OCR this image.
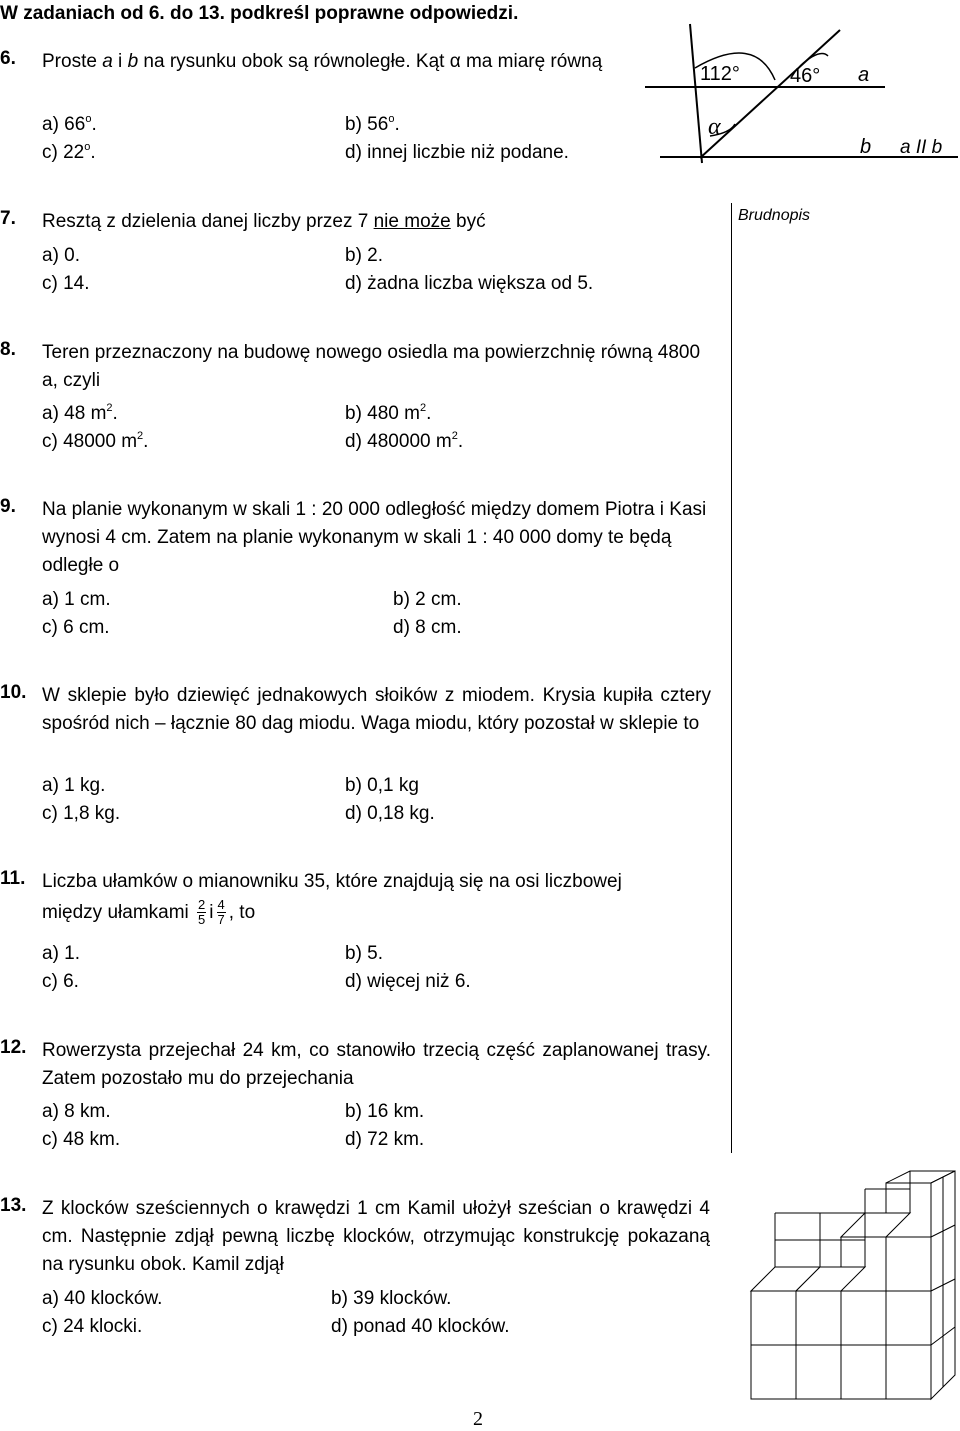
W zadaniach od 6. do 13. podkreśl poprawne odpowiedzi.
Brudnopis
6. Proste a i b na rysunku obok są równoległe. Kąt α ma miarę równą
a) 66$^o$.	b) 56$^o$.
c) 22$^o$.	d) innej liczbie niż podane.
112°	46°
α
a
b a II b
7. Resztą z dzielenia danej liczby przez 7 nie może być
a) 0.	b) 2.
c) 14.	d) żadna liczba większa od 5.
8. Teren przeznaczony na budowę nowego osiedla ma powierzchnię równą 4800 a, czyli
a) 48 $m^2$.	b) 480 $m^2$.
c) 48000 $m^2$.	d) 480000 $m^2$.
9. Na planie wykonanym w skali 1 : 20 000 odległość między domem Piotra i Kasi wynosi 4 cm. Zatem na planie wykonanym w skali 1 : 40 000 domy te będą odległe o
a) 1 cm.	b) 2 cm.
c) 6 cm.	d) 8 cm.
10. W sklepie było dziewięć jednakowych słoików z miodem. Krysia kupiła cztery spośród nich – łącznie 80 dag miodu. Waga miodu, który pozostał w sklepie to
a) 1 kg.	b) 0,1 kg
c) 1,8 kg.	d) 0,18 kg.
11. Liczba ułamków o mianowniku 35, które znajdują się na osi liczbowej
między ułamkami $\frac{2}{5}$ i $\frac{4}{7}$ , to
a) 1.	b) 5.
c) 6.	d) więcej niż 6.
12. Rowerzysta przejechał 24 km, co stanowiło trzecią część zaplanowanej trasy. Zatem pozostało mu do przejechania
a) 8 km.	b) 16 km.
c) 48 km.	d) 72 km.
13. Z klocków sześciennych o krawędzi 1 cm Kamil ułożył sześcian o krawędzi 4 cm. Następnie zdjął pewną liczbę klocków, otrzymując konstrukcję pokazaną na rysunku obok. Kamil zdjął
a) 40 klocków.	b) 39 klocków.
c) 24 klocki.	d) ponad 40 klocków.
2
